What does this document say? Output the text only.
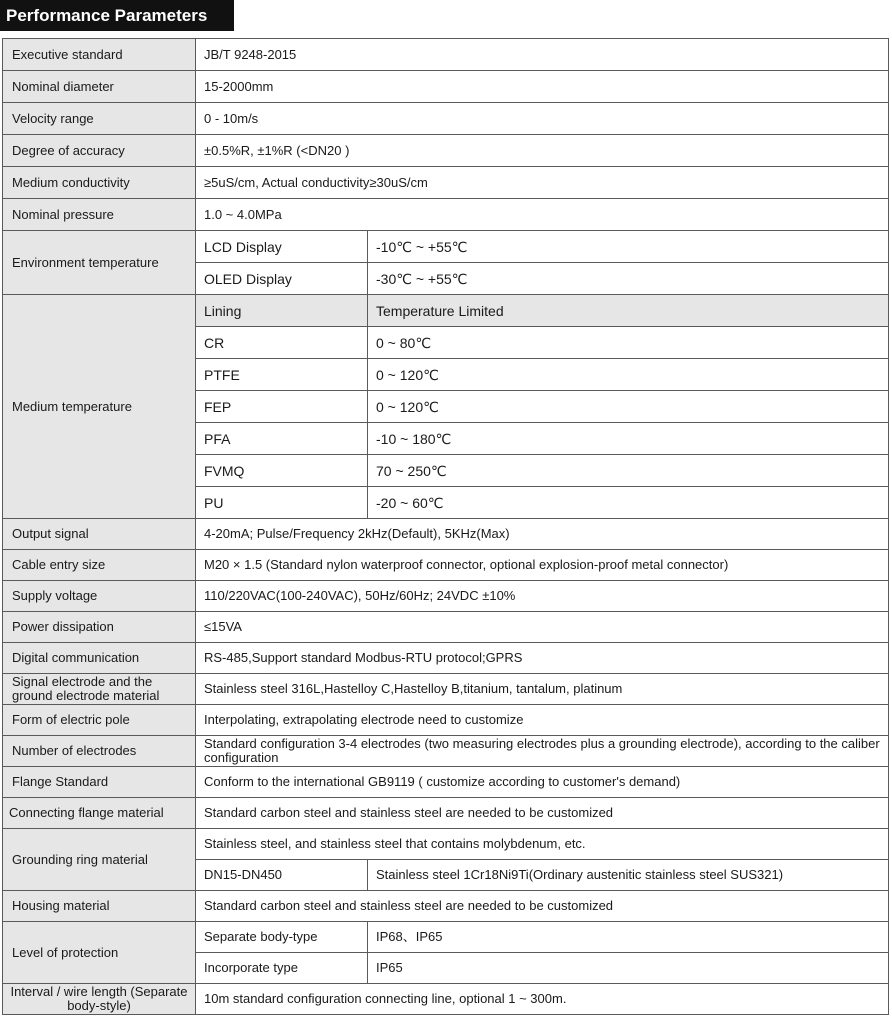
Performance Parameters
Executive standard	JB/T 9248-2015	
Nominal diameter	15-2000mm	
Velocity range	0 - 10m/s	
Degree of accuracy	±0.5%R, ±1%R (<DN20 )	
Medium conductivity	≥5uS/cm, Actual conductivity≥30uS/cm	
Nominal pressure	1.0 ~ 4.0MPa	
Environment temperature	LCD Display	-10℃ ~ +55℃
	OLED Display	-30℃ ~ +55℃
Medium temperature	Lining	Temperature Limited
	CR	0 ~ 80℃
	PTFE	0 ~ 120℃
	FEP	0 ~ 120℃
	PFA	-10 ~ 180℃
	FVMQ	70 ~ 250℃
	PU	-20 ~ 60℃
Output signal	4-20mA; Pulse/Frequency 2kHz(Default), 5KHz(Max)	
Cable entry size	M20 × 1.5 (Standard nylon waterproof connector, optional explosion-proof metal connector)	
Supply voltage	110/220VAC(100-240VAC), 50Hz/60Hz; 24VDC ±10%	
Power dissipation	≤15VA	
Digital communication	RS-485,Support standard Modbus-RTU protocol;GPRS	
Signal electrode and the ground electrode material	Stainless steel 316L,Hastelloy C,Hastelloy B,titanium, tantalum, platinum	
Form of electric pole	Interpolating, extrapolating electrode need to customize	
Number of electrodes	Standard configuration 3-4 electrodes (two measuring electrodes plus a grounding electrode), according to the caliber configuration	
Flange Standard	Conform to the international GB9119 ( customize according to customer's demand)	
Connecting flange material	Standard carbon steel and stainless steel are needed to be customized	
Grounding ring material	Stainless steel, and stainless steel that contains molybdenum, etc.	
	DN15-DN450	Stainless steel 1Cr18Ni9Ti(Ordinary austenitic stainless steel SUS321)
Housing material	Standard carbon steel and stainless steel are needed to be customized	
Level of protection	Separate body-type	IP68、IP65
	Incorporate type	IP65
Interval / wire length (Separate body-style)	10m standard configuration connecting line, optional 1 ~ 300m.	
